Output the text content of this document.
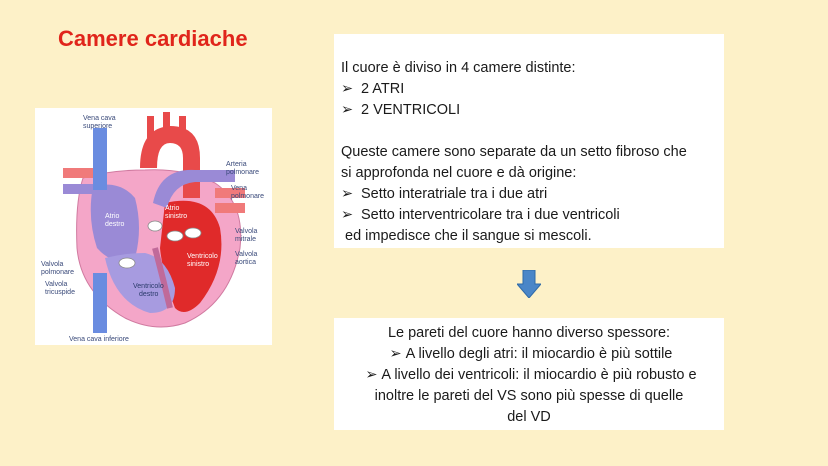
Camere cardiache
Vena cava
superiore
Aorta
Arteria
polmonare
Vena
polmonare
Atrio
destro
Atrio
sinistro
Valvola
mitrale
Valvola
aortica
Ventricolo
sinistro
Valvola
polmonare
Valvola
tricuspide
Ventricolo
destro
Vena cava inferiore
Il cuore è diviso in 4 camere distinte:
➢ 2 ATRI
➢ 2 VENTRICOLI
Queste camere sono separate da un setto fibroso che
si approfonda nel cuore e dà origine:
➢ Setto interatriale tra i due atri
➢ Setto interventricolare tra i due ventricoli
ed impedisce che il sangue si mescoli.
Le pareti del cuore hanno diverso spessore:
➢ A livello degli atri: il miocardio è più sottile
➢ A livello dei ventricoli: il miocardio è più robusto e
inoltre le pareti del VS sono più spesse di quelle
del VD
